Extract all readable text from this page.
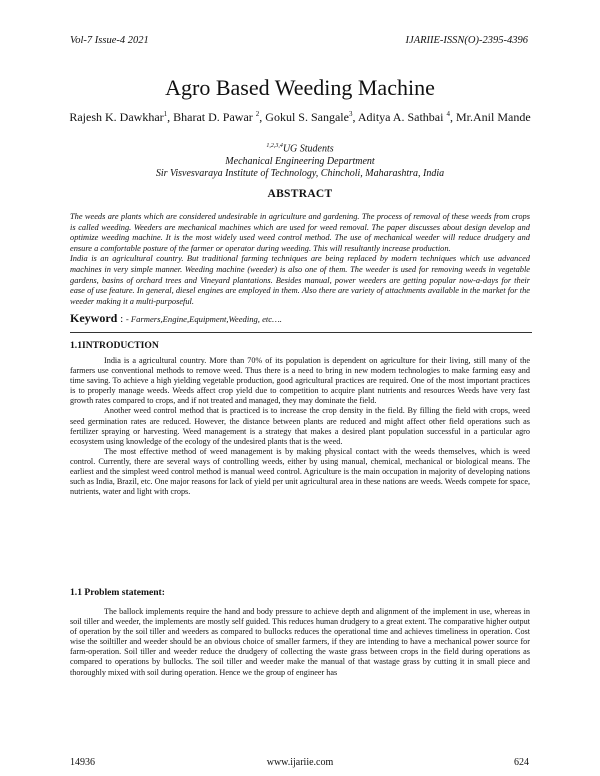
Vol-7 Issue-4 2021	IJARIIE-ISSN(O)-2395-4396
Agro Based Weeding Machine
Rajesh K. Dawkhar$^1$, Bharat D. Pawar $^2$, Gokul S. Sangale$^3$, Aditya A. Sathbai $^4$, Mr.Anil Mande
$^{1,2,3,4}$UG Students
Mechanical Engineering Department
Sir Visvesvaraya Institute of Technology, Chincholi, Maharashtra, India
ABSTRACT

The weeds are plants which are considered undesirable in agriculture and gardening. The process of removal of these weeds from crops is called weeding. Weeders are mechanical machines which are used for weed removal. The paper discusses about design develop and optimize weeding machine. It is the most widely used weed control method. The use of mechanical weeder will reduce drudgery and ensure a comfortable posture of the farmer or operator during weeding. This will resultantly increase production.

India is an agricultural country. But traditional farming techniques are being replaced by modern techniques which use advanced machines in very simple manner. Weeding machine (weeder) is also one of them. The weeder is used for removing weeds in vegetable gardens, basins of orchard trees and Vineyard plantations. Besides manual, power weeders are getting popular now-a-days for their ease of use feature. In general, diesel engines are employed in them. Also there are variety of attachments available in the market for the weeder making it a multi-purposeful.

Keyword : - Farmers,Engine,Equipment,Weeding, etc….
1.1INTRODUCTION

India is a agricultural country. More than 70% of its population is dependent on agriculture for their living, still many of the farmers use conventional methods to remove weed. Thus there is a need to bring in new modern technologies to make farming easy and time saving. To achieve a high yielding vegetable production, good agricultural practices are required. One of the most important practices is to properly manage weeds. Weeds affect crop yield due to competition to acquire plant nutrients and resources Weeds have very fast growth rates compared to crops, and if not treated and managed, they may dominate the field.

Another weed control method that is practiced is to increase the crop density in the field. By filling the field with crops, weed seed germination rates are reduced. However, the distance between plants are reduced and might affect other field operations such as fertilizer spraying or harvesting. Weed management is a strategy that makes a desired plant population successful in a particular agro ecosystem using knowledge of the ecology of the undesired plants that is the weed.

The most effective method of weed management is by making physical contact with the weeds themselves, which is weed control. Currently, there are several ways of controlling weeds, either by using manual, chemical, mechanical or biological means. The earliest and the simplest weed control method is manual weed control. Agriculture is the main occupation in majority of developing nations such as India, Brazil, etc. One major reasons for lack of yield per unit agricultural area in these nations are weeds. Weeds compete for space, nutrients, water and light with crops.

1.1 Problem statement:

The ballock implements require the hand and body pressure to achieve depth and alignment of the implement in use, whereas in soil tiller and weeder, the implements are mostly self guided. This reduces human drudgery to a great extent. The comparative higher output of operation by the soil tiller and weeders as compared to bullocks reduces the operational time and achieves timeliness in operation. Cost wise the soiltiller and weeder should be an obvious choice of smaller farmers, if they are intending to have a mechanical power source for farm-operation. Soil tiller and weeder reduce the drudgery of collecting the waste grass between crops in the field during operations as compared to operations by bullocks. The soil tiller and weeder make the manual of that wastage grass by cutting it in small piece and thoroughly mixed with soil during operation. Hence we the group of engineer has

14936	www.ijariie.com	624
